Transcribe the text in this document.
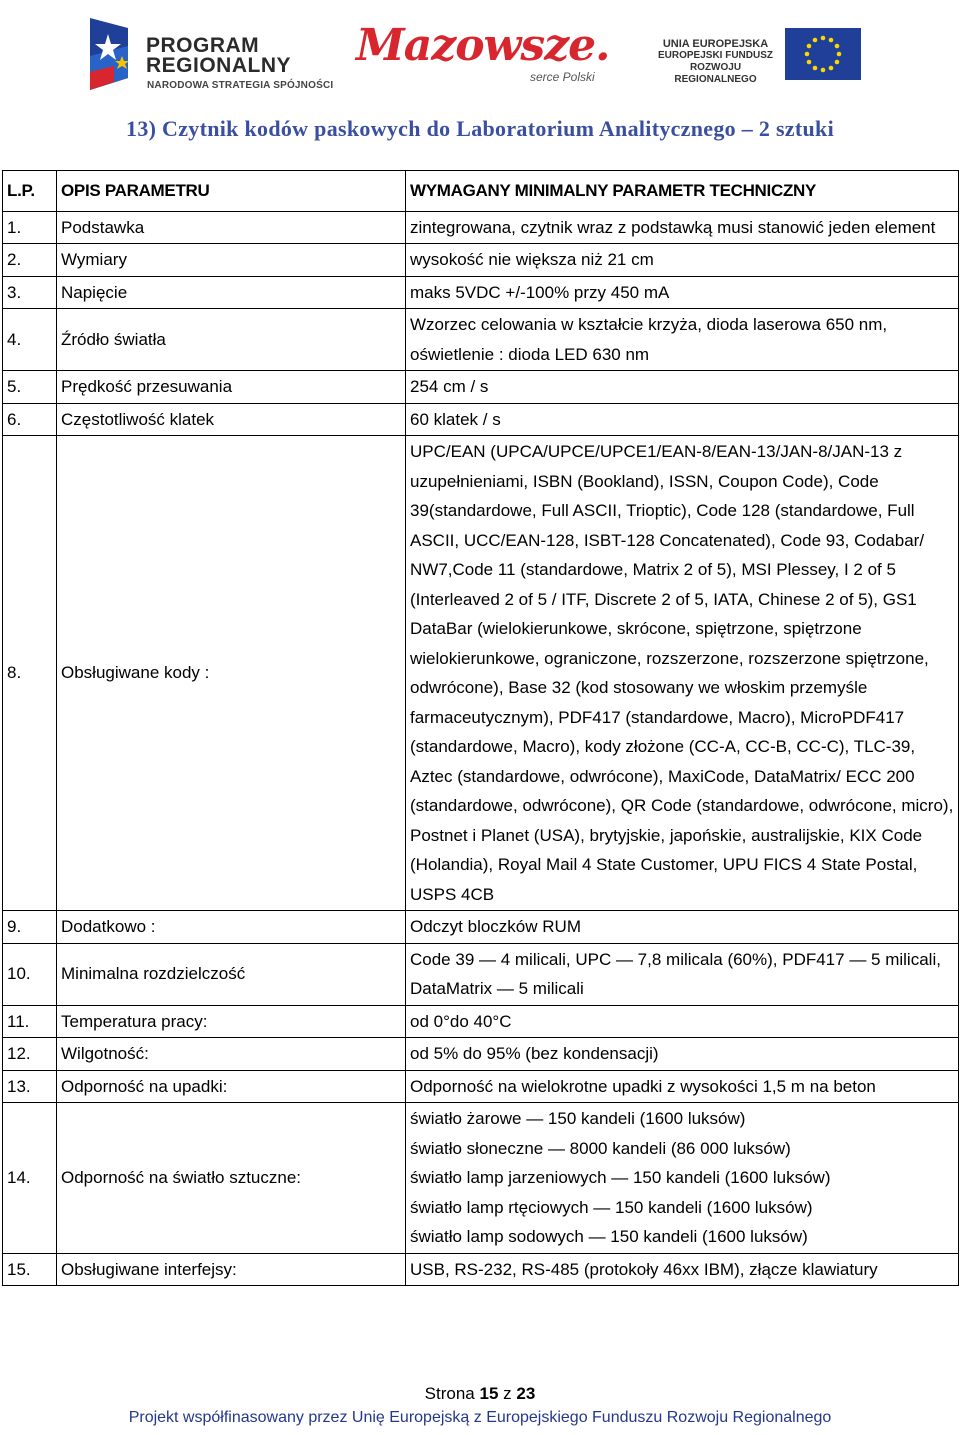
PROGRAM
REGIONALNY
NARODOWA STRATEGIA SPÓJNOŚCI
Mazowsze.
serce Polski
UNIA EUROPEJSKA
EUROPEJSKI FUNDUSZ
ROZWOJU REGIONALNEGO
13) Czytnik kodów paskowych do Laboratorium Analitycznego – 2 sztuki
L.P.	OPIS PARAMETRU	WYMAGANY MINIMALNY PARAMETR TECHNICZNY
1.	Podstawka	zintegrowana, czytnik wraz z podstawką musi stanowić jeden element
2.	Wymiary	wysokość nie większa niż 21 cm
3.	Napięcie	maks 5VDC +/-100% przy 450 mA
4.	Źródło światła	Wzorzec celowania w kształcie krzyża, dioda laserowa 650 nm, oświetlenie : dioda LED 630 nm
5.	Prędkość przesuwania	254 cm / s
6.	Częstotliwość klatek	60 klatek / s
8.	Obsługiwane kody :	UPC/EAN (UPCA/UPCE/UPCE1/EAN-8/EAN-13/JAN-8/JAN-13 z uzupełnieniami, ISBN (Bookland), ISSN, Coupon Code), Code 39(standardowe, Full ASCII, Trioptic), Code 128 (standardowe, Full ASCII, UCC/EAN-128, ISBT-128 Concatenated), Code 93, Codabar/ NW7,Code 11 (standardowe, Matrix 2 of 5), MSI Plessey, I 2 of 5 (Interleaved 2 of 5 / ITF, Discrete 2 of 5, IATA, Chinese 2 of 5), GS1 DataBar (wielokierunkowe, skrócone, spiętrzone, spiętrzone wielokierunkowe, ograniczone, rozszerzone, rozszerzone spiętrzone, odwrócone), Base 32 (kod stosowany we włoskim przemyśle farmaceutycznym), PDF417 (standardowe, Macro), MicroPDF417 (standardowe, Macro), kody złożone (CC-A, CC-B, CC-C), TLC-39, Aztec (standardowe, odwrócone), MaxiCode, DataMatrix/ ECC 200 (standardowe, odwrócone), QR Code (standardowe, odwrócone, micro), Postnet i Planet (USA), brytyjskie, japońskie, australijskie, KIX Code (Holandia), Royal Mail 4 State Customer, UPU FICS 4 State Postal, USPS 4CB
9.	Dodatkowo :	Odczyt bloczków RUM
10.	Minimalna rozdzielczość	Code 39 — 4 milicali, UPC — 7,8 milicala (60%), PDF417 — 5 milicali, DataMatrix — 5 milicali
11.	Temperatura pracy:	od 0°do 40°C
12.	Wilgotność:	od 5% do 95% (bez kondensacji)
13.	Odporność na upadki:	Odporność na wielokrotne upadki z wysokości 1,5 m na beton
14.	Odporność na światło sztuczne:	światło żarowe — 150 kandeli (1600 luksów)
światło słoneczne — 8000 kandeli (86 000 luksów)
światło lamp jarzeniowych — 150 kandeli (1600 luksów)
światło lamp rtęciowych — 150 kandeli (1600 luksów)
światło lamp sodowych — 150 kandeli (1600 luksów)

15.	Obsługiwane interfejsy:	USB, RS-232, RS-485 (protokoły 46xx IBM), złącze klawiatury
Strona 15 z 23
Projekt współfinasowany przez Unię Europejską z Europejskiego Funduszu Rozwoju Regionalnego
